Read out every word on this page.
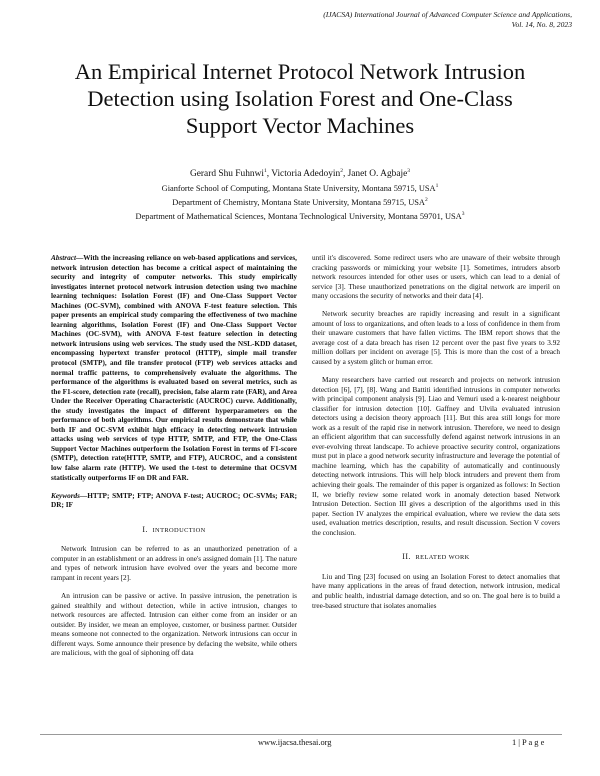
(IJACSA) International Journal of Advanced Computer Science and Applications,
Vol. 14, No. 8, 2023
An Empirical Internet Protocol Network Intrusion
Detection using Isolation Forest and One-Class
Support Vector Machines
Gerard Shu Fuhnwi$^1$, Victoria Adedoyin$^2$, Janet O. Agbaje$^3$
Gianforte School of Computing, Montana State University, Montana 59715, USA$^1$
Department of Chemistry, Montana State University, Montana 59715, USA$^2$
Department of Mathematical Sciences, Montana Technological University, Montana 59701, USA$^3$

Abstract—With the increasing reliance on web-based applications and services, network intrusion detection has become a critical aspect of maintaining the security and integrity of computer networks. This study empirically investigates internet protocol network intrusion detection using two machine learning techniques: Isolation Forest (IF) and One-Class Support Vector Machines (OC-SVM), combined with ANOVA F-test feature selection. This paper presents an empirical study comparing the effectiveness of two machine learning algorithms, Isolation Forest (IF) and One-Class Support Vector Machines (OC-SVM), with ANOVA F-test feature selection in detecting network intrusions using web services. The study used the NSL-KDD dataset, encompassing hypertext transfer protocol (HTTP), simple mail transfer protocol (SMTP), and file transfer protocol (FTP) web services attacks and normal traffic patterns, to comprehensively evaluate the algorithms. The performance of the algorithms is evaluated based on several metrics, such as the F1-score, detection rate (recall), precision, false alarm rate (FAR), and Area Under the Receiver Operating Characteristic (AUCROC) curve. Additionally, the study investigates the impact of different hyperparameters on the performance of both algorithms. Our empirical results demonstrate that while both IF and OC-SVM exhibit high efficacy in detecting network intrusion attacks using web services of type HTTP, SMTP, and FTP, the One-Class Support Vector Machines outperform the Isolation Forest in terms of F1-score (SMTP), detection rate(HTTP, SMTP, and FTP), AUCROC, and a consistent low false alarm rate (HTTP). We used the t-test to determine that OCSVM statistically outperforms IF on DR and FAR.

Keywords—HTTP; SMTP; FTP; ANOVA F-test; AUCROC; OC-SVMs; FAR; DR; IF

I. INTRODUCTION

Network Intrusion can be referred to as an unauthorized penetration of a computer in an establishment or an address in one's assigned domain [1]. The nature and types of network intrusion have evolved over the years and become more rampant in recent years [2].

An intrusion can be passive or active. In passive intrusion, the penetration is gained stealthily and without detection, while in active intrusion, changes to network resources are affected. Intrusion can either come from an insider or an outsider. By insider, we mean an employee, customer, or business partner. Outsider means someone not connected to the organization. Network intrusions can occur in different ways. Some announce their presence by defacing the website, while others are malicious, with the goal of siphoning off data

until it's discovered. Some redirect users who are unaware of their website through cracking passwords or mimicking your website [1]. Sometimes, intruders absorb network resources intended for other uses or users, which can lead to a denial of service [3]. These unauthorized penetrations on the digital network are imperil on many occasions the security of networks and their data [4].

Network security breaches are rapidly increasing and result in a significant amount of loss to organizations, and often leads to a loss of confidence in them from their unaware customers that have fallen victims. The IBM report shows that the average cost of a data breach has risen 12 percent over the past five years to 3.92 million dollars per incident on average [5]. This is more than the cost of a breach caused by a system glitch or human error.

Many researchers have carried out research and projects on network intrusion detection [6], [7], [8]. Wang and Battiti identified intrusions in computer networks with principal component analysis [9]. Liao and Vemuri used a k-nearest neighbour classifier for intrusion detection [10]. Gaffney and Ulvila evaluated intrusion detectors using a decision theory approach [11]. But this area still longs for more work as a result of the rapid rise in network intrusion. Therefore, we need to design an efficient algorithm that can successfully defend against network intrusions in an ever-evolving threat landscape. To achieve proactive security control, organizations must put in place a good network security infrastructure and leverage the potential of machine learning, which has the capability of automatically and continuously detecting network intrusions. This will help block intruders and prevent them from achieving their goals. The remainder of this paper is organized as follows: In Section II, we briefly review some related work in anomaly detection based Network Intrusion Detection. Section III gives a description of the algorithms used in this paper. Section IV analyzes the empirical evaluation, where we review the data sets used, evaluation metrics description, results, and result discussion. Section V covers the conclusion.

II. RELATED WORK

Liu and Ting [23] focused on using an Isolation Forest to detect anomalies that have many applications in the areas of fraud detection, network intrusion, medical and public health, industrial damage detection, and so on. The goal here is to build a tree-based structure that isolates anomalies

www.ijacsa.thesai.org	1 | P a g e
